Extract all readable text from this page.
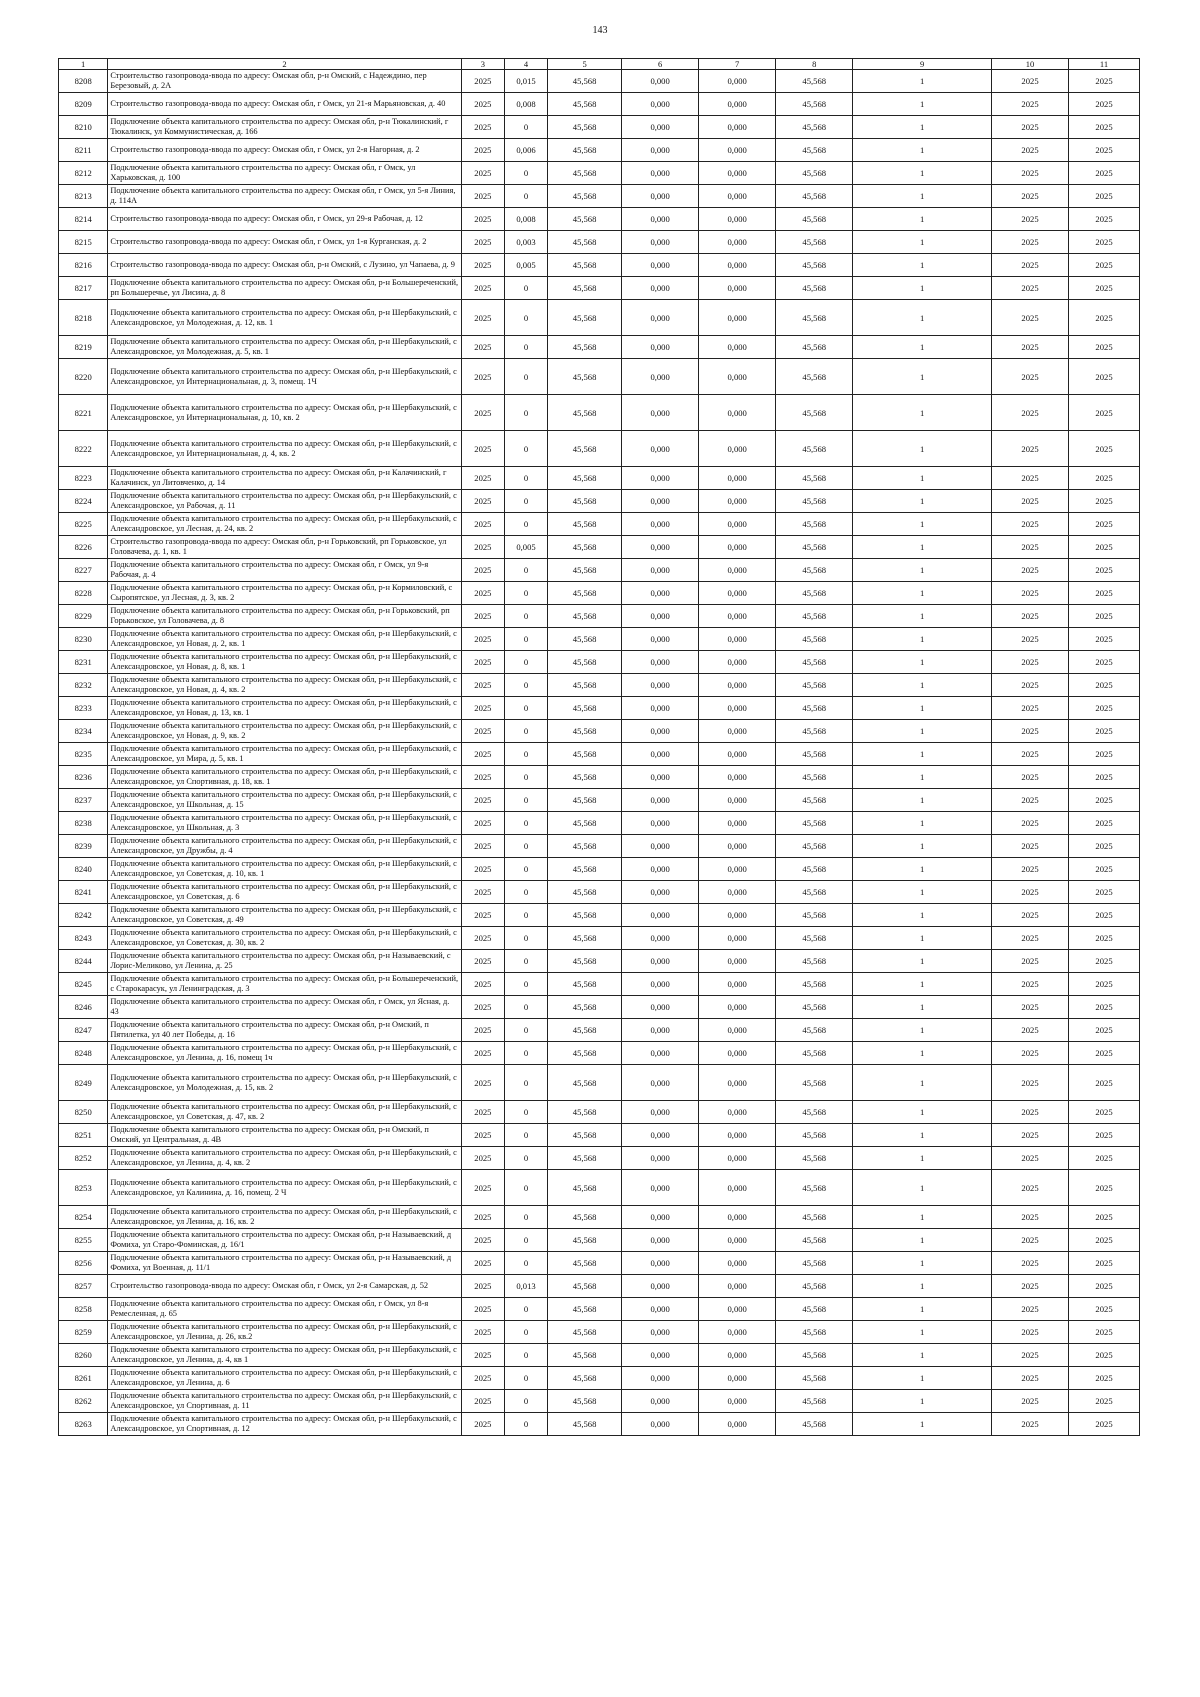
143
1	2	3	4	5	6	7	8	9	10	11
8208	Строительство газопровода-ввода по адресу: Омская обл, р-н Омский, с Надеждино, пер Березовый, д. 2А	2025	0,015	45,568	0,000	0,000	45,568	1	2025	2025
8209	Строительство газопровода-ввода по адресу: Омская обл, г Омск, ул 21-я Марьяновская, д. 40	2025	0,008	45,568	0,000	0,000	45,568	1	2025	2025
8210	Подключение объекта капитального строительства по адресу: Омская обл, р-н Тюкалинский, г Тюкалинск, ул Коммунистическая, д. 166	2025	0	45,568	0,000	0,000	45,568	1	2025	2025
8211	Строительство газопровода-ввода по адресу: Омская обл, г Омск, ул 2-я Нагорная, д. 2	2025	0,006	45,568	0,000	0,000	45,568	1	2025	2025
8212	Подключение объекта капитального строительства по адресу: Омская обл, г Омск, ул Харьковская, д. 100	2025	0	45,568	0,000	0,000	45,568	1	2025	2025
8213	Подключение объекта капитального строительства по адресу: Омская обл, г Омск, ул 5-я Линия, д. 114А	2025	0	45,568	0,000	0,000	45,568	1	2025	2025
8214	Строительство газопровода-ввода по адресу: Омская обл, г Омск, ул 29-я Рабочая, д. 12	2025	0,008	45,568	0,000	0,000	45,568	1	2025	2025
8215	Строительство газопровода-ввода по адресу: Омская обл, г Омск, ул 1-я Курганская, д. 2	2025	0,003	45,568	0,000	0,000	45,568	1	2025	2025
8216	Строительство газопровода-ввода по адресу: Омская обл, р-н Омский, с Лузино, ул Чапаева, д. 9	2025	0,005	45,568	0,000	0,000	45,568	1	2025	2025
8217	Подключение объекта капитального строительства по адресу: Омская обл, р-н Большереченский, рп Большеречье, ул Лисина, д. 8	2025	0	45,568	0,000	0,000	45,568	1	2025	2025
8218	Подключение объекта капитального строительства по адресу: Омская обл, р-н Шербакульский, с Александровское, ул Молодежная, д. 12, кв. 1	2025	0	45,568	0,000	0,000	45,568	1	2025	2025
8219	Подключение объекта капитального строительства по адресу: Омская обл, р-н Шербакульский, с Александровское, ул Молодежная, д. 5, кв. 1	2025	0	45,568	0,000	0,000	45,568	1	2025	2025
8220	Подключение объекта капитального строительства по адресу: Омская обл, р-н Шербакульский, с Александровское, ул Интернациональная, д. 3, помещ. 1Ч	2025	0	45,568	0,000	0,000	45,568	1	2025	2025
8221	Подключение объекта капитального строительства по адресу: Омская обл, р-н Шербакульский, с Александровское, ул Интернациональная, д. 10, кв. 2	2025	0	45,568	0,000	0,000	45,568	1	2025	2025
8222	Подключение объекта капитального строительства по адресу: Омская обл, р-н Шербакульский, с Александровское, ул Интернациональная, д. 4, кв. 2	2025	0	45,568	0,000	0,000	45,568	1	2025	2025
8223	Подключение объекта капитального строительства по адресу: Омская обл, р-н Калачинский, г Калачинск, ул Литовченко, д. 14	2025	0	45,568	0,000	0,000	45,568	1	2025	2025
8224	Подключение объекта капитального строительства по адресу: Омская обл, р-н Шербакульский, с Александровское, ул Рабочая, д. 11	2025	0	45,568	0,000	0,000	45,568	1	2025	2025
8225	Подключение объекта капитального строительства по адресу: Омская обл, р-н Шербакульский, с Александровское, ул Лесная, д. 24, кв. 2	2025	0	45,568	0,000	0,000	45,568	1	2025	2025
8226	Строительство газопровода-ввода по адресу: Омская обл, р-н Горьковский, рп Горьковское, ул Головачева, д. 1, кв. 1	2025	0,005	45,568	0,000	0,000	45,568	1	2025	2025
8227	Подключение объекта капитального строительства по адресу: Омская обл, г Омск, ул 9-я Рабочая, д. 4	2025	0	45,568	0,000	0,000	45,568	1	2025	2025
8228	Подключение объекта капитального строительства по адресу: Омская обл, р-н Кормиловский, с Сыропятское, ул Лесная, д. 3, кв. 2	2025	0	45,568	0,000	0,000	45,568	1	2025	2025
8229	Подключение объекта капитального строительства по адресу: Омская обл, р-н Горьковский, рп Горьковское, ул Головачева, д. 8	2025	0	45,568	0,000	0,000	45,568	1	2025	2025
8230	Подключение объекта капитального строительства по адресу: Омская обл, р-н Шербакульский, с Александровское, ул Новая, д. 2, кв. 1	2025	0	45,568	0,000	0,000	45,568	1	2025	2025
8231	Подключение объекта капитального строительства по адресу: Омская обл, р-н Шербакульский, с Александровское, ул Новая, д. 8, кв. 1	2025	0	45,568	0,000	0,000	45,568	1	2025	2025
8232	Подключение объекта капитального строительства по адресу: Омская обл, р-н Шербакульский, с Александровское, ул Новая, д. 4, кв. 2	2025	0	45,568	0,000	0,000	45,568	1	2025	2025
8233	Подключение объекта капитального строительства по адресу: Омская обл, р-н Шербакульский, с Александровское, ул Новая, д. 13, кв. 1	2025	0	45,568	0,000	0,000	45,568	1	2025	2025
8234	Подключение объекта капитального строительства по адресу: Омская обл, р-н Шербакульский, с Александровское, ул Новая, д. 9, кв. 2	2025	0	45,568	0,000	0,000	45,568	1	2025	2025
8235	Подключение объекта капитального строительства по адресу: Омская обл, р-н Шербакульский, с Александровское, ул Мира, д. 5, кв. 1	2025	0	45,568	0,000	0,000	45,568	1	2025	2025
8236	Подключение объекта капитального строительства по адресу: Омская обл, р-н Шербакульский, с Александровское, ул Спортивная, д. 18, кв. 1	2025	0	45,568	0,000	0,000	45,568	1	2025	2025
8237	Подключение объекта капитального строительства по адресу: Омская обл, р-н Шербакульский, с Александровское, ул Школьная, д. 15	2025	0	45,568	0,000	0,000	45,568	1	2025	2025
8238	Подключение объекта капитального строительства по адресу: Омская обл, р-н Шербакульский, с Александровское, ул Школьная, д. 3	2025	0	45,568	0,000	0,000	45,568	1	2025	2025
8239	Подключение объекта капитального строительства по адресу: Омская обл, р-н Шербакульский, с Александровское, ул Дружбы, д. 4	2025	0	45,568	0,000	0,000	45,568	1	2025	2025
8240	Подключение объекта капитального строительства по адресу: Омская обл, р-н Шербакульский, с Александровское, ул Советская, д. 10, кв. 1	2025	0	45,568	0,000	0,000	45,568	1	2025	2025
8241	Подключение объекта капитального строительства по адресу: Омская обл, р-н Шербакульский, с Александровское, ул Советская, д. 6	2025	0	45,568	0,000	0,000	45,568	1	2025	2025
8242	Подключение объекта капитального строительства по адресу: Омская обл, р-н Шербакульский, с Александровское, ул Советская, д. 49	2025	0	45,568	0,000	0,000	45,568	1	2025	2025
8243	Подключение объекта капитального строительства по адресу: Омская обл, р-н Шербакульский, с Александровское, ул Советская, д. 30, кв. 2	2025	0	45,568	0,000	0,000	45,568	1	2025	2025
8244	Подключение объекта капитального строительства по адресу: Омская обл, р-н Называевский, с Лорис-Меликово, ул Ленина, д. 25	2025	0	45,568	0,000	0,000	45,568	1	2025	2025
8245	Подключение объекта капитального строительства по адресу: Омская обл, р-н Большереченский, с Старокарасук, ул Ленинградская, д. 3	2025	0	45,568	0,000	0,000	45,568	1	2025	2025
8246	Подключение объекта капитального строительства по адресу: Омская обл, г Омск, ул Ясная, д. 43	2025	0	45,568	0,000	0,000	45,568	1	2025	2025
8247	Подключение объекта капитального строительства по адресу: Омская обл, р-н Омский, п Пятилетка, ул 40 лет Победы, д. 16	2025	0	45,568	0,000	0,000	45,568	1	2025	2025
8248	Подключение объекта капитального строительства по адресу: Омская обл, р-н Шербакульский, с Александровское, ул Ленина, д. 16, помещ 1ч	2025	0	45,568	0,000	0,000	45,568	1	2025	2025
8249	Подключение объекта капитального строительства по адресу: Омская обл, р-н Шербакульский, с Александровское, ул Молодежная, д. 15, кв. 2	2025	0	45,568	0,000	0,000	45,568	1	2025	2025
8250	Подключение объекта капитального строительства по адресу: Омская обл, р-н Шербакульский, с Александровское, ул Советская, д. 47, кв. 2	2025	0	45,568	0,000	0,000	45,568	1	2025	2025
8251	Подключение объекта капитального строительства по адресу: Омская обл, р-н Омский, п Омский, ул Центральная, д. 4В	2025	0	45,568	0,000	0,000	45,568	1	2025	2025
8252	Подключение объекта капитального строительства по адресу: Омская обл, р-н Шербакульский, с Александровское, ул Ленина, д. 4, кв. 2	2025	0	45,568	0,000	0,000	45,568	1	2025	2025
8253	Подключение объекта капитального строительства по адресу: Омская обл, р-н Шербакульский, с Александровское, ул Калинина, д. 16, помещ. 2 Ч	2025	0	45,568	0,000	0,000	45,568	1	2025	2025
8254	Подключение объекта капитального строительства по адресу: Омская обл, р-н Шербакульский, с Александровское, ул Ленина, д. 16, кв. 2	2025	0	45,568	0,000	0,000	45,568	1	2025	2025
8255	Подключение объекта капитального строительства по адресу: Омская обл, р-н Называевский, д Фомиха, ул Старо-Фоминская, д. 16/1	2025	0	45,568	0,000	0,000	45,568	1	2025	2025
8256	Подключение объекта капитального строительства по адресу: Омская обл, р-н Называевский, д Фомиха, ул Военная, д. 11/1	2025	0	45,568	0,000	0,000	45,568	1	2025	2025
8257	Строительство газопровода-ввода по адресу: Омская обл, г Омск, ул 2-я Самарская, д. 52	2025	0,013	45,568	0,000	0,000	45,568	1	2025	2025
8258	Подключение объекта капитального строительства по адресу: Омская обл, г Омск, ул 8-я Ремесленная, д. 65	2025	0	45,568	0,000	0,000	45,568	1	2025	2025
8259	Подключение объекта капитального строительства по адресу: Омская обл, р-н Шербакульский, с Александровское, ул Ленина, д. 26, кв.2	2025	0	45,568	0,000	0,000	45,568	1	2025	2025
8260	Подключение объекта капитального строительства по адресу: Омская обл, р-н Шербакульский, с Александровское, ул Ленина, д. 4, кв 1	2025	0	45,568	0,000	0,000	45,568	1	2025	2025
8261	Подключение объекта капитального строительства по адресу: Омская обл, р-н Шербакульский, с Александровское, ул Ленина, д. 6	2025	0	45,568	0,000	0,000	45,568	1	2025	2025
8262	Подключение объекта капитального строительства по адресу: Омская обл, р-н Шербакульский, с Александровское, ул Спортивная, д. 11	2025	0	45,568	0,000	0,000	45,568	1	2025	2025
8263	Подключение объекта капитального строительства по адресу: Омская обл, р-н Шербакульский, с Александровское, ул Спортивная, д. 12	2025	0	45,568	0,000	0,000	45,568	1	2025	2025
